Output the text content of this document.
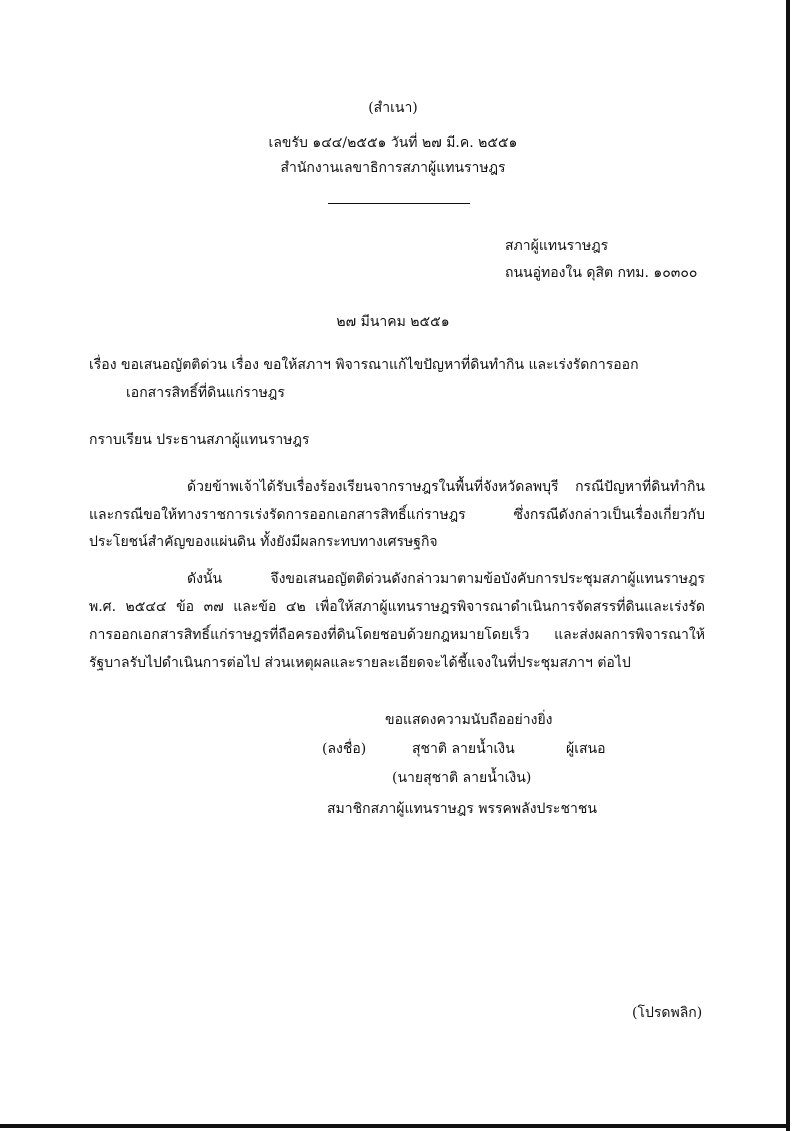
(สำเนา)
เลขรับ ๑๔๔/๒๕๕๑ วันที่ ๒๗ มี.ค. ๒๕๕๑
สำนักงานเลขาธิการสภาผู้แทนราษฎร
สภาผู้แทนราษฎร
ถนนอู่ทองใน ดุสิต กทม. ๑๐๓๐๐
๒๗ มีนาคม ๒๕๕๑
เรื่อง ขอเสนอญัตติด่วน เรื่อง ขอให้สภาฯ พิจารณาแก้ไขปัญหาที่ดินทำกิน และเร่งรัดการออก
เอกสารสิทธิ์ที่ดินแก่ราษฎร
กราบเรียน ประธานสภาผู้แทนราษฎร
ด้วยข้าพเจ้าได้รับเรื่องร้องเรียนจากราษฎรในพื้นที่จังหวัดลพบุรี กรณีปัญหาที่ดินทำกิน
และกรณีขอให้ทางราชการเร่งรัดการออกเอกสารสิทธิ์แก่ราษฎร ซึ่งกรณีดังกล่าวเป็นเรื่องเกี่ยวกับ
ประโยชน์สำคัญของแผ่นดิน ทั้งยังมีผลกระทบทางเศรษฐกิจ
ดังนั้น จึงขอเสนอญัตติด่วนดังกล่าวมาตามข้อบังคับการประชุมสภาผู้แทนราษฎร
พ.ศ. ๒๕๔๔ ข้อ ๓๗ และข้อ ๔๒ เพื่อให้สภาผู้แทนราษฎรพิจารณาดำเนินการจัดสรรที่ดินและเร่งรัด
การออกเอกสารสิทธิ์แก่ราษฎรที่ถือครองที่ดินโดยชอบด้วยกฎหมายโดยเร็ว และส่งผลการพิจารณาให้
รัฐบาลรับไปดำเนินการต่อไป ส่วนเหตุผลและรายละเอียดจะได้ชี้แจงในที่ประชุมสภาฯ ต่อไป
ขอแสดงความนับถืออย่างยิ่ง
(ลงชื่อ)	สุชาติ ลายน้ำเงิน	ผู้เสนอ
(นายสุชาติ ลายน้ำเงิน)
สมาชิกสภาผู้แทนราษฎร พรรคพลังประชาชน
(โปรดพลิก)
